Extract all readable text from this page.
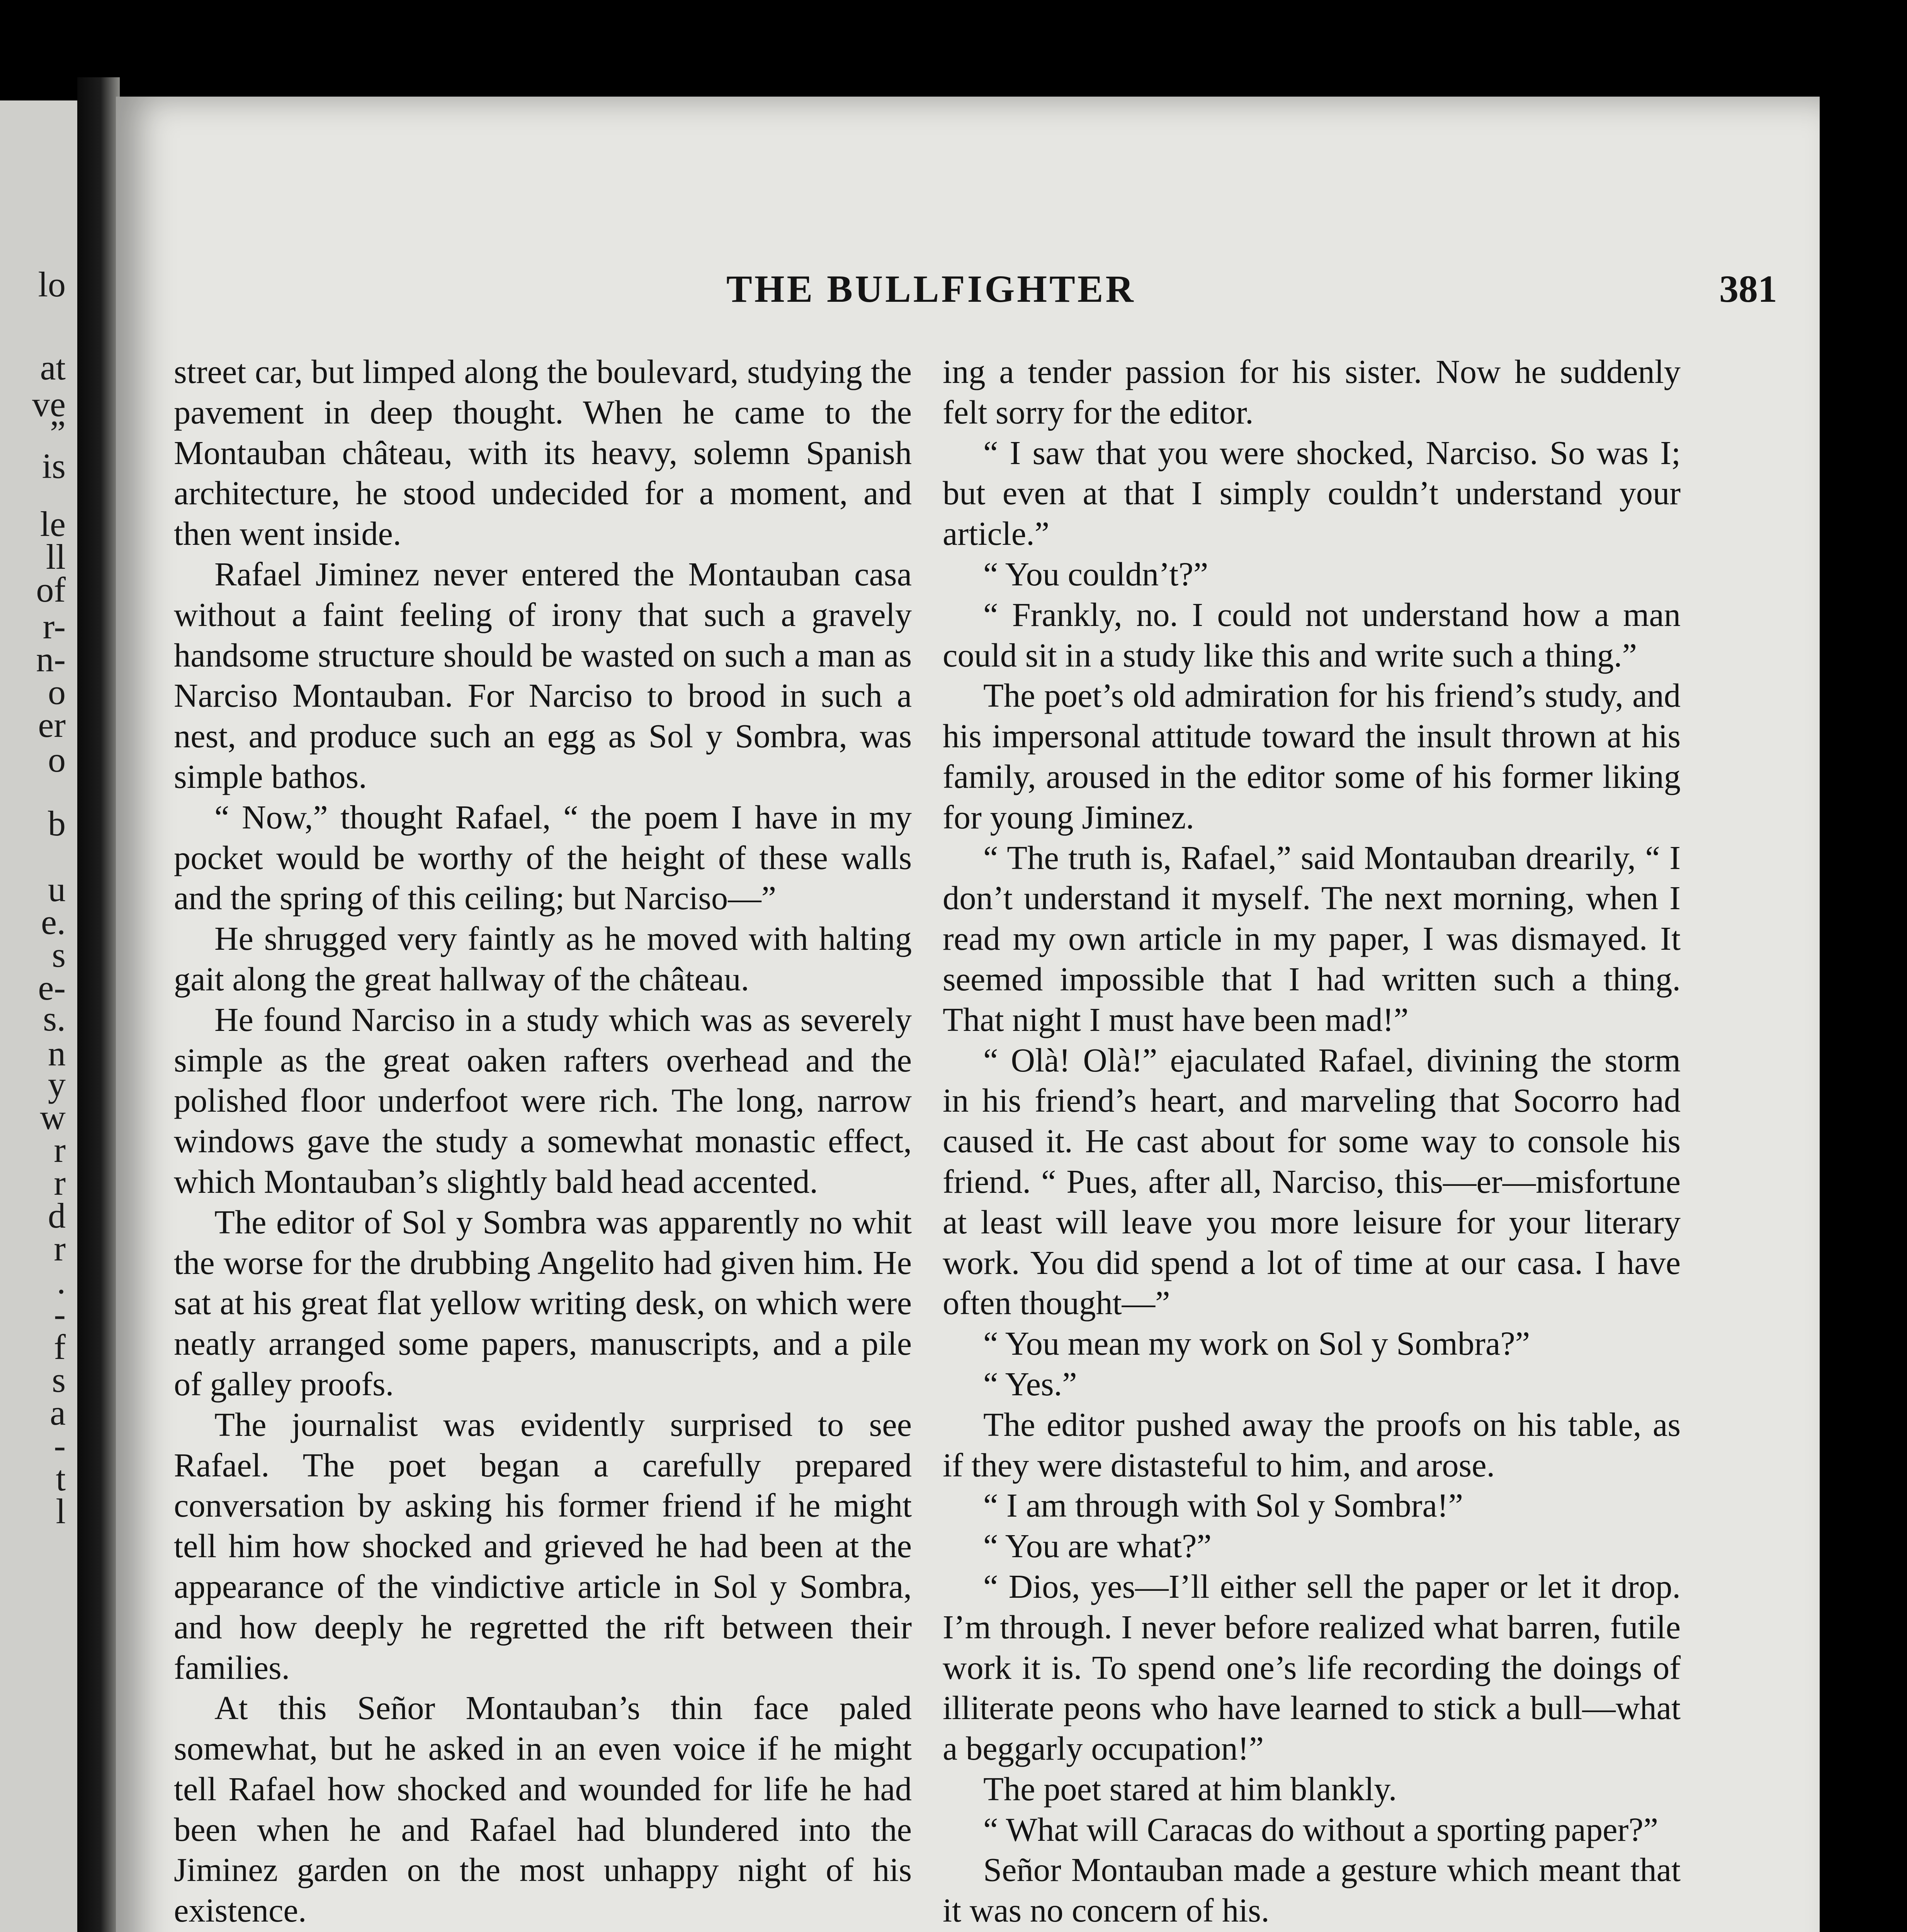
lo
at
ve
”
is
le
ll
of
r-
n-
o
er
o
b
u
e.
s
e-
s.
n
y
w
r
r
d
r
.
-
f
s
a
-
t
l
THE BULLFIGHTER	381

street car, but limped along the boulevard, studying the pavement in deep thought. When he came to the Montauban château, with its heavy, solemn Spanish architecture, he stood undecided for a moment, and then went inside.

Rafael Jiminez never entered the Montauban casa without a faint feeling of irony that such a gravely handsome structure should be wasted on such a man as Narciso Montauban. For Narciso to brood in such a nest, and produce such an egg as Sol y Sombra, was simple bathos.

“ Now,” thought Rafael, “ the poem I have in my pocket would be worthy of the height of these walls and the spring of this ceiling; but Narciso—”

He shrugged very faintly as he moved with halting gait along the great hallway of the château.

He found Narciso in a study which was as severely simple as the great oaken rafters overhead and the polished floor underfoot were rich. The long, narrow windows gave the study a somewhat monastic effect, which Montauban’s slightly bald head accented.

The editor of Sol y Sombra was apparently no whit the worse for the drubbing Angelito had given him. He sat at his great flat yellow writing desk, on which were neatly arranged some papers, manuscripts, and a pile of galley proofs.

The journalist was evidently surprised to see Rafael. The poet began a carefully prepared conversation by asking his former friend if he might tell him how shocked and grieved he had been at the appearance of the vindictive article in Sol y Sombra, and how deeply he regretted the rift between their families.

At this Señor Montauban’s thin face paled somewhat, but he asked in an even voice if he might tell Rafael how shocked and wounded for life he had been when he and Rafael had blundered into the Jiminez garden on the most unhappy night of his existence.

ing a tender passion for his sister. Now he suddenly felt sorry for the editor.

“ I saw that you were shocked, Narciso. So was I; but even at that I simply couldn’t understand your article.”

“ You couldn’t?”

“ Frankly, no. I could not understand how a man could sit in a study like this and write such a thing.”

The poet’s old admiration for his friend’s study, and his impersonal attitude toward the insult thrown at his family, aroused in the editor some of his former liking for young Jiminez.

“ The truth is, Rafael,” said Montauban drearily, “ I don’t understand it myself. The next morning, when I read my own article in my paper, I was dismayed. It seemed impossible that I had written such a thing. That night I must have been mad!”

“ Olà! Olà!” ejaculated Rafael, divining the storm in his friend’s heart, and marveling that Socorro had caused it. He cast about for some way to console his friend. “ Pues, after all, Narciso, this—er—misfortune at least will leave you more leisure for your literary work. You did spend a lot of time at our casa. I have often thought—”

“ You mean my work on Sol y Sombra?”

“ Yes.”

The editor pushed away the proofs on his table, as if they were distasteful to him, and arose.

“ I am through with Sol y Sombra!”

“ You are what?”

“ Dios, yes—I’ll either sell the paper or let it drop. I’m through. I never before realized what barren, futile work it is. To spend one’s life recording the doings of illiterate peons who have learned to stick a bull—what a beggarly occupation!”

The poet stared at him blankly.

“ What will Caracas do without a sporting paper?”

Señor Montauban made a gesture which meant that it was no concern of his.
